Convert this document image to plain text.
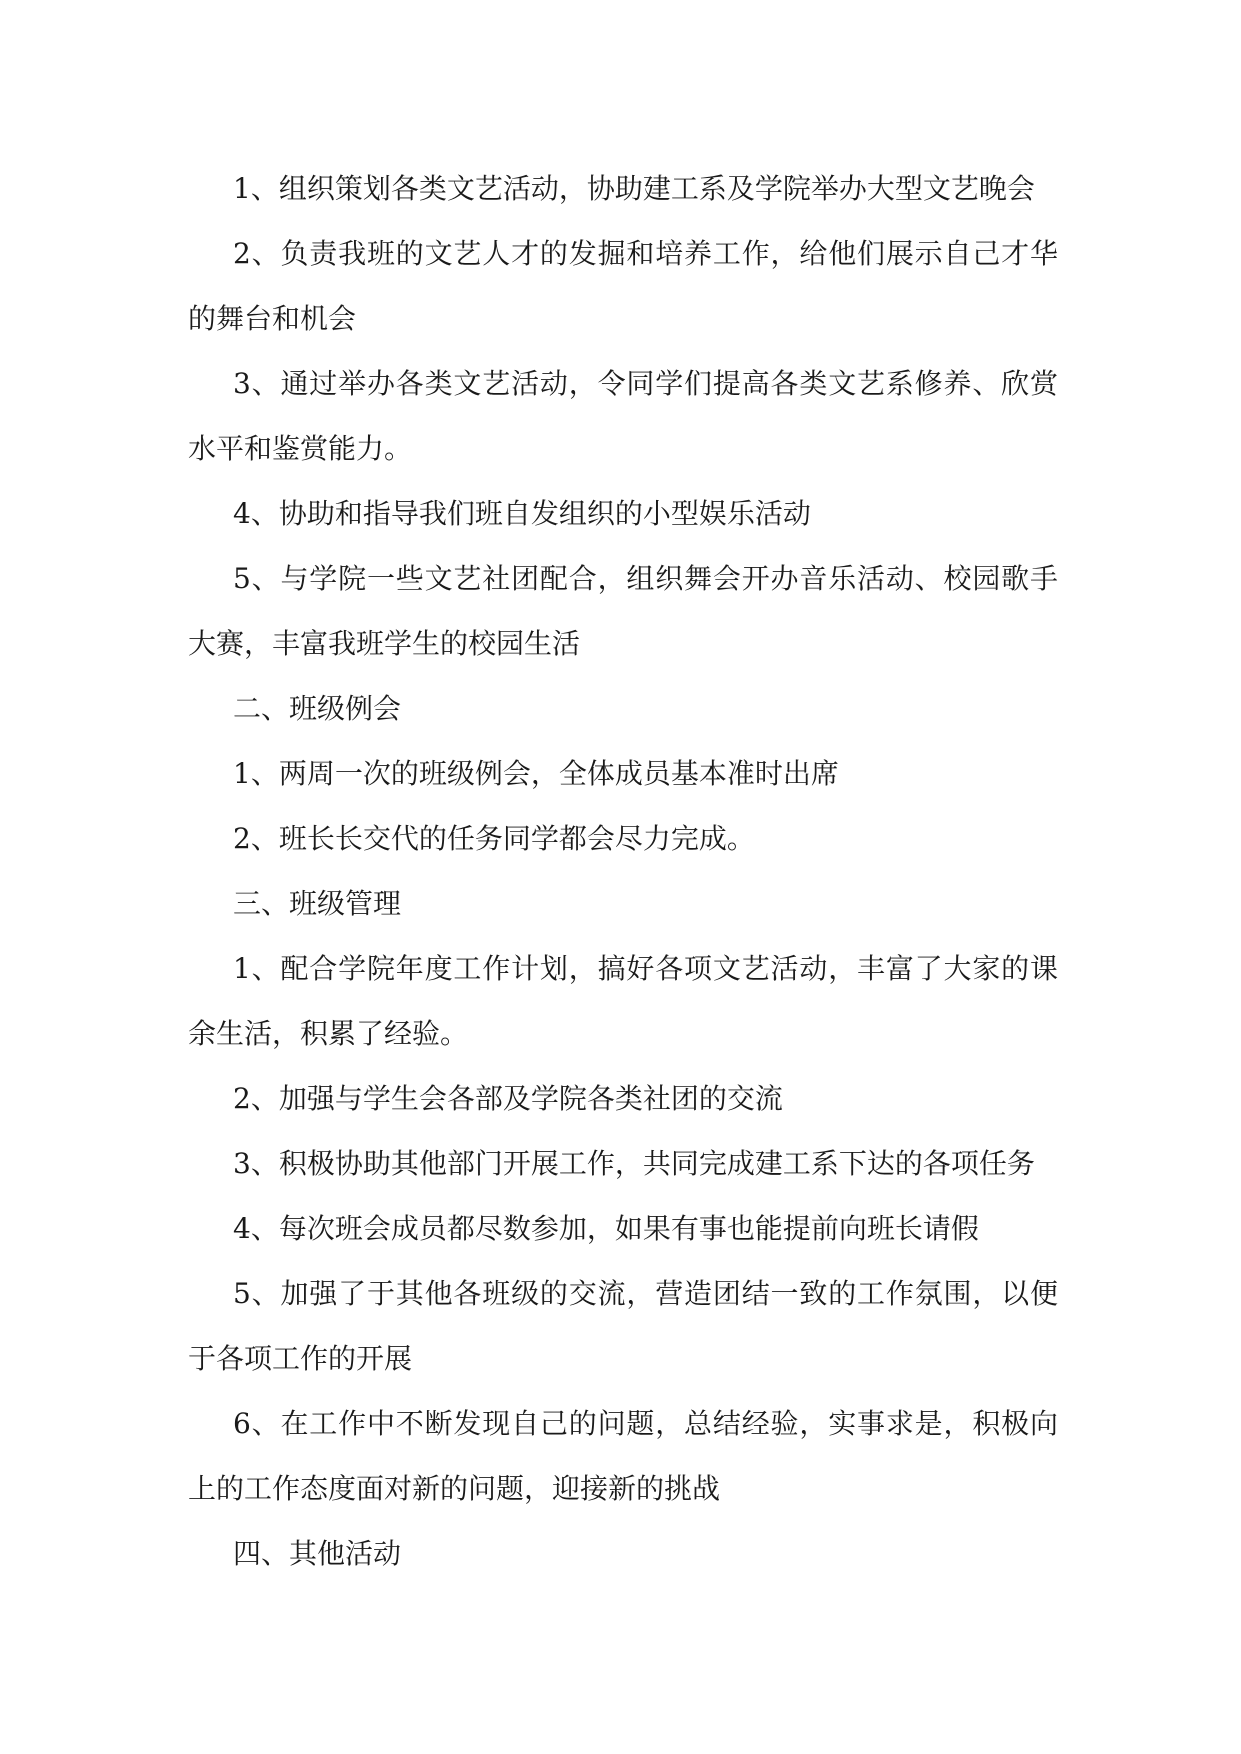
1、组织策划各类文艺活动，协助建工系及学院举办大型文艺晚会

2、负责我班的文艺人才的发掘和培养工作，给他们展示自己才华的舞台和机会

3、通过举办各类文艺活动，令同学们提高各类文艺系修养、欣赏水平和鉴赏能力。

4、协助和指导我们班自发组织的小型娱乐活动

5、与学院一些文艺社团配合，组织舞会开办音乐活动、校园歌手大赛，丰富我班学生的校园生活

二、班级例会

1、两周一次的班级例会，全体成员基本准时出席

2、班长长交代的任务同学都会尽力完成。

三、班级管理

1、配合学院年度工作计划，搞好各项文艺活动，丰富了大家的课余生活，积累了经验。

2、加强与学生会各部及学院各类社团的交流

3、积极协助其他部门开展工作，共同完成建工系下达的各项任务

4、每次班会成员都尽数参加，如果有事也能提前向班长请假

5、加强了于其他各班级的交流，营造团结一致的工作氛围，以便于各项工作的开展

6、在工作中不断发现自己的问题，总结经验，实事求是，积极向上的工作态度面对新的问题，迎接新的挑战

四、其他活动
